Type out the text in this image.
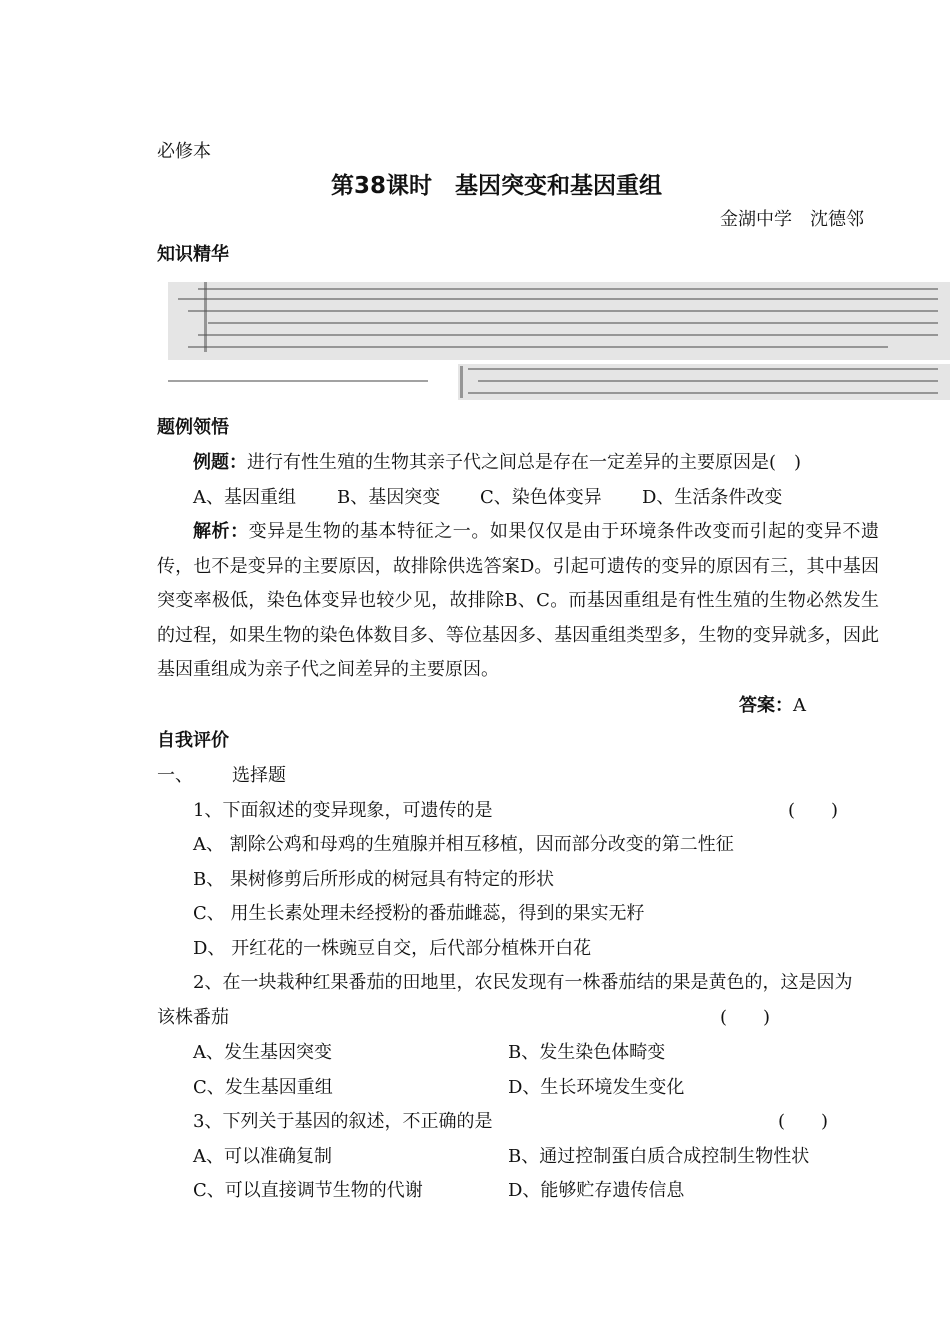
必修本
第38课时　基因突变和基因重组
金湖中学　沈德邻
知识精华
题例领悟
例题：进行有性生殖的生物其亲子代之间总是存在一定差异的主要原因是(　)
A、基因重组 B、基因突变 C、染色体变异 D、生活条件改变
解析：变异是生物的基本特征之一。如果仅仅是由于环境条件改变而引起的变异不遗传，也不是变异的主要原因，故排除供选答案D。引起可遗传的变异的原因有三，其中基因突变率极低，染色体变异也较少见，故排除B、C。而基因重组是有性生殖的生物必然发生的过程，如果生物的染色体数目多、等位基因多、基因重组类型多，生物的变异就多，因此基因重组成为亲子代之间差异的主要原因。
答案：A
自我评价
一、 选择题
1、下面叙述的变异现象，可遗传的是	(　　)
A、 割除公鸡和母鸡的生殖腺并相互移植，因而部分改变的第二性征
B、 果树修剪后所形成的树冠具有特定的形状
C、 用生长素处理未经授粉的番茄雌蕊，得到的果实无籽
D、 开红花的一株豌豆自交，后代部分植株开白花
2、在一块栽种红果番茄的田地里，农民发现有一株番茄结的果是黄色的，这是因为
该株番茄	(　　)
A、发生基因突变	B、发生染色体畸变
C、发生基因重组	D、生长环境发生变化
3、下列关于基因的叙述，不正确的是	(　　)
A、可以准确复制	B、通过控制蛋白质合成控制生物性状
C、可以直接调节生物的代谢	D、能够贮存遗传信息
